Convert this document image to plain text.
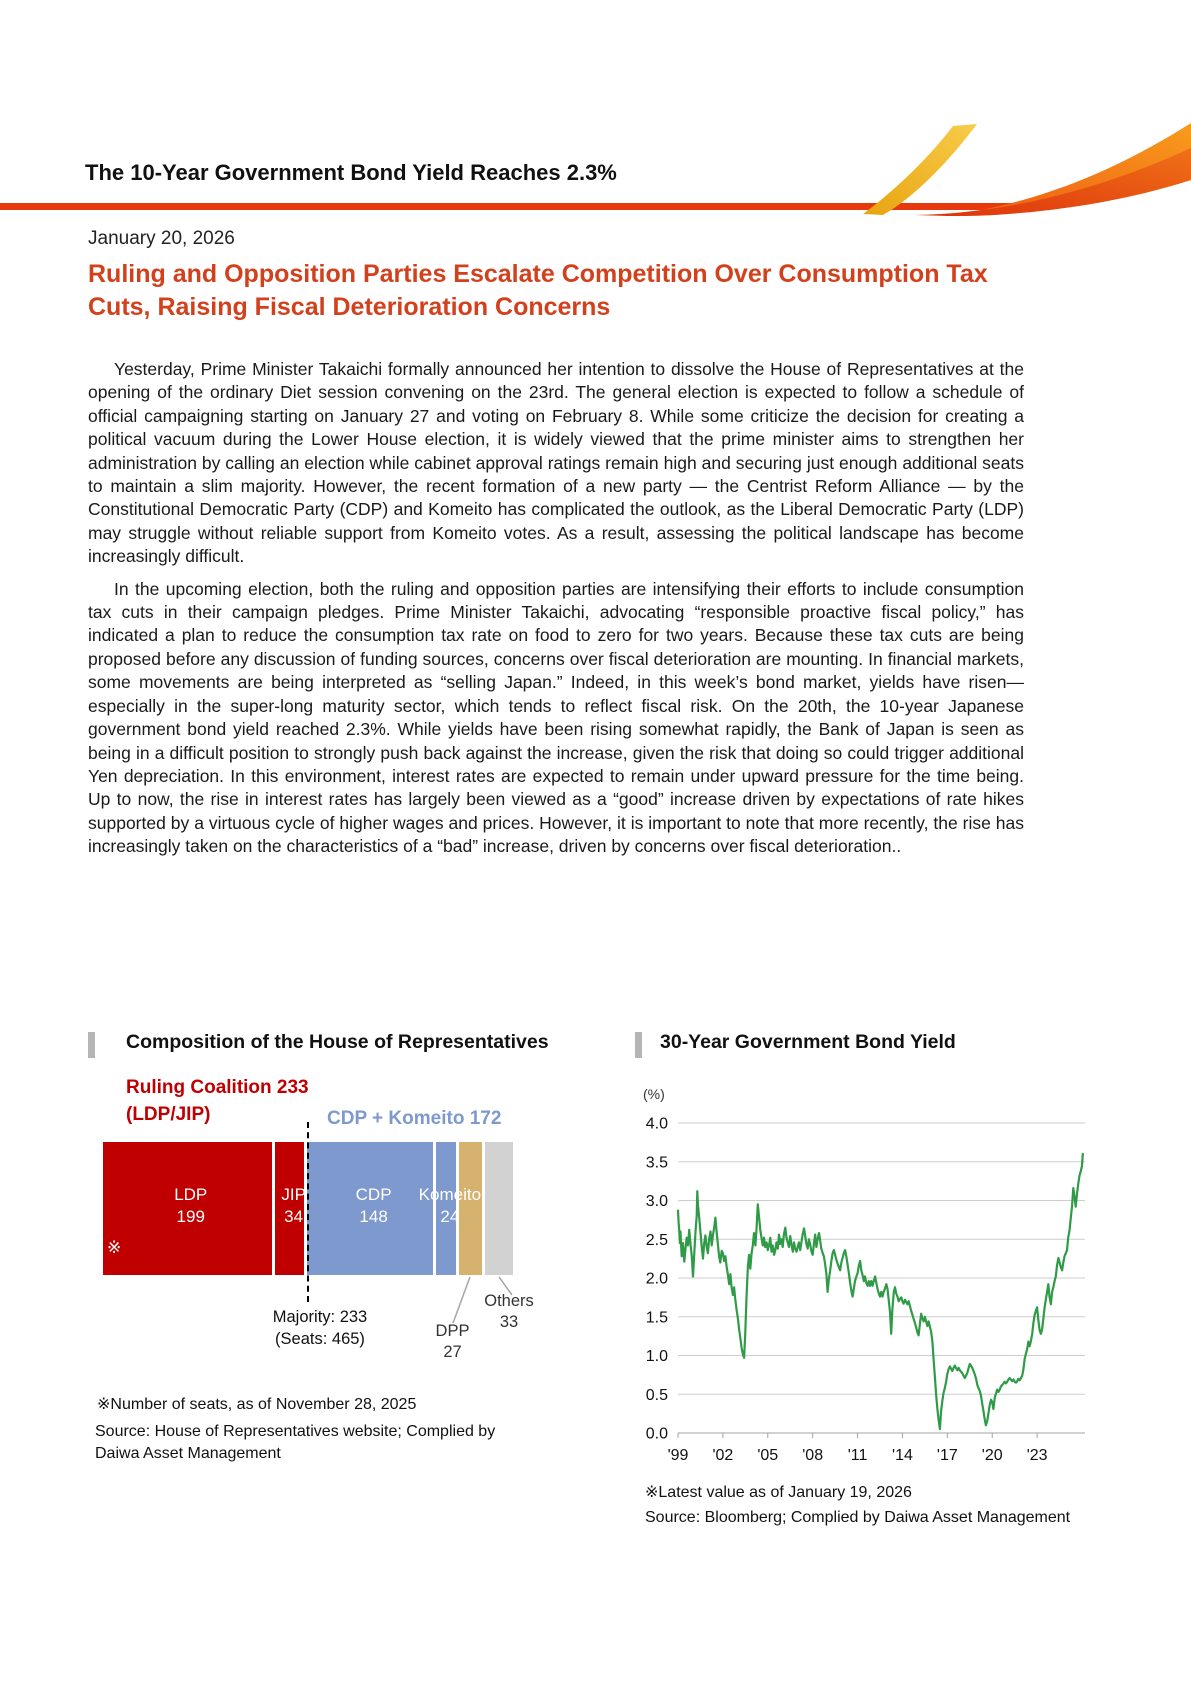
The 10-Year Government Bond Yield Reaches 2.3%
January 20, 2026
Ruling and Opposition Parties Escalate Competition Over Consumption Tax Cuts, Raising Fiscal Deterioration Concerns

Yesterday, Prime Minister Takaichi formally announced her intention to dissolve the House of Representatives at the opening of the ordinary Diet session convening on the 23rd. The general election is expected to follow a schedule of official campaigning starting on January 27 and voting on February 8. While some criticize the decision for creating a political vacuum during the Lower House election, it is widely viewed that the prime minister aims to strengthen her administration by calling an election while cabinet approval ratings remain high and securing just enough additional seats to maintain a slim majority. However, the recent formation of a new party — the Centrist Reform Alliance — by the Constitutional Democratic Party (CDP) and Komeito has complicated the outlook, as the Liberal Democratic Party (LDP) may struggle without reliable support from Komeito votes. As a result, assessing the political landscape has become increasingly difficult.

In the upcoming election, both the ruling and opposition parties are intensifying their efforts to include consumption tax cuts in their campaign pledges. Prime Minister Takaichi, advocating “responsible proactive fiscal policy,” has indicated a plan to reduce the consumption tax rate on food to zero for two years. Because these tax cuts are being proposed before any discussion of funding sources, concerns over fiscal deterioration are mounting. In financial markets, some movements are being interpreted as “selling Japan.” Indeed, in this week’s bond market, yields have risen—especially in the super-long maturity sector, which tends to reflect fiscal risk. On the 20th, the 10-year Japanese government bond yield reached 2.3%. While yields have been rising somewhat rapidly, the Bank of Japan is seen as being in a difficult position to strongly push back against the increase, given the risk that doing so could trigger additional Yen depreciation. In this environment, interest rates are expected to remain under upward pressure for the time being. Up to now, the rise in interest rates has largely been viewed as a “good” increase driven by expectations of rate hikes supported by a virtuous cycle of higher wages and prices. However, it is important to note that more recently, the rise has increasingly taken on the characteristics of a “bad” increase, driven by concerns over fiscal deterioration..

Composition of the House of Representatives
Ruling Coalition 233
(LDP/JIP)	CDP + Komeito 172
LDP
199
JIP
34
CDP
148
Komeito
24
※
Majority: 233
(Seats: 465)	DPP
27
Others
33
※Number of seats, as of November 28, 2025
Source: House of Representatives website; Complied by Daiwa Asset Management
30-Year Government Bond Yield
(%)
0.0
0.5
1.0
1.5
2.0
2.5
3.0
3.5
4.0
'99 '02 '05 '08 '11 '14 '17 '20 '23
※Latest value as of January 19, 2026
Source: Bloomberg; Complied by Daiwa Asset Management
